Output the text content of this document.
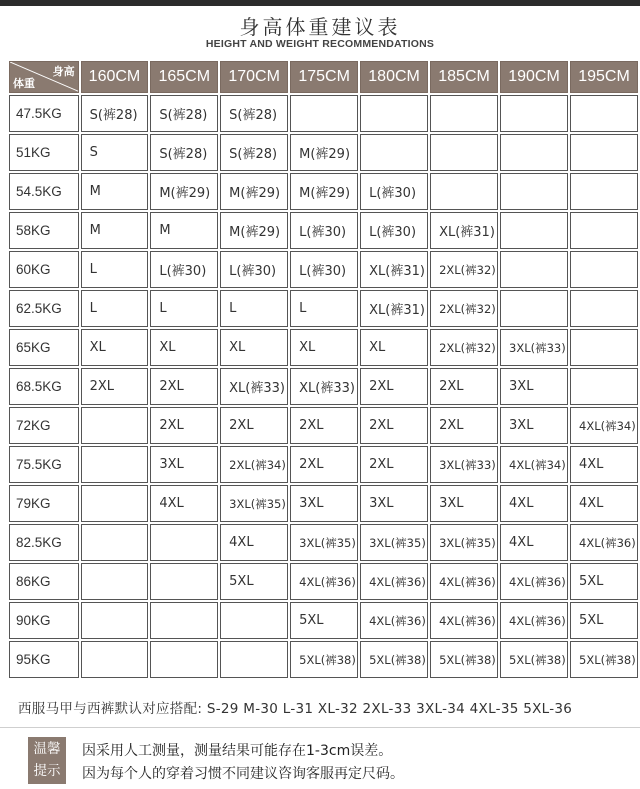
身高体重建议表
HEIGHT AND WEIGHT RECOMMENDATIONS
身高
体重	160CM	165CM	170CM	175CM	180CM	185CM	190CM	195CM
47.5KG	S(裤28)	S(裤28)	S(裤28)					
51KG	S	S(裤28)	S(裤28)	M(裤29)				
54.5KG	M	M(裤29)	M(裤29)	M(裤29)	L(裤30)			
58KG	M	M	M(裤29)	L(裤30)	L(裤30)	XL(裤31)		
60KG	L	L(裤30)	L(裤30)	L(裤30)	XL(裤31)	2XL(裤32)		
62.5KG	L	L	L	L	XL(裤31)	2XL(裤32)		
65KG	XL	XL	XL	XL	XL	2XL(裤32)	3XL(裤33)	
68.5KG	2XL	2XL	XL(裤33)	XL(裤33)	2XL	2XL	3XL	
72KG		2XL	2XL	2XL	2XL	2XL	3XL	4XL(裤34)
75.5KG		3XL	2XL(裤34)	2XL	2XL	3XL(裤33)	4XL(裤34)	4XL
79KG		4XL	3XL(裤35)	3XL	3XL	3XL	4XL	4XL
82.5KG			4XL	3XL(裤35)	3XL(裤35)	3XL(裤35)	4XL	4XL(裤36)
86KG			5XL	4XL(裤36)	4XL(裤36)	4XL(裤36)	4XL(裤36)	5XL
90KG				5XL	4XL(裤36)	4XL(裤36)	4XL(裤36)	5XL
95KG				5XL(裤38)	5XL(裤38)	5XL(裤38)	5XL(裤38)	5XL(裤38)
西服马甲与西裤默认对应搭配: S-29 M-30 L-31 XL-32 2XL-33 3XL-34 4XL-35 5XL-36
温馨
提示
因采用人工测量，测量结果可能存在1-3cm误差。
因为每个人的穿着习惯不同建议咨询客服再定尺码。
